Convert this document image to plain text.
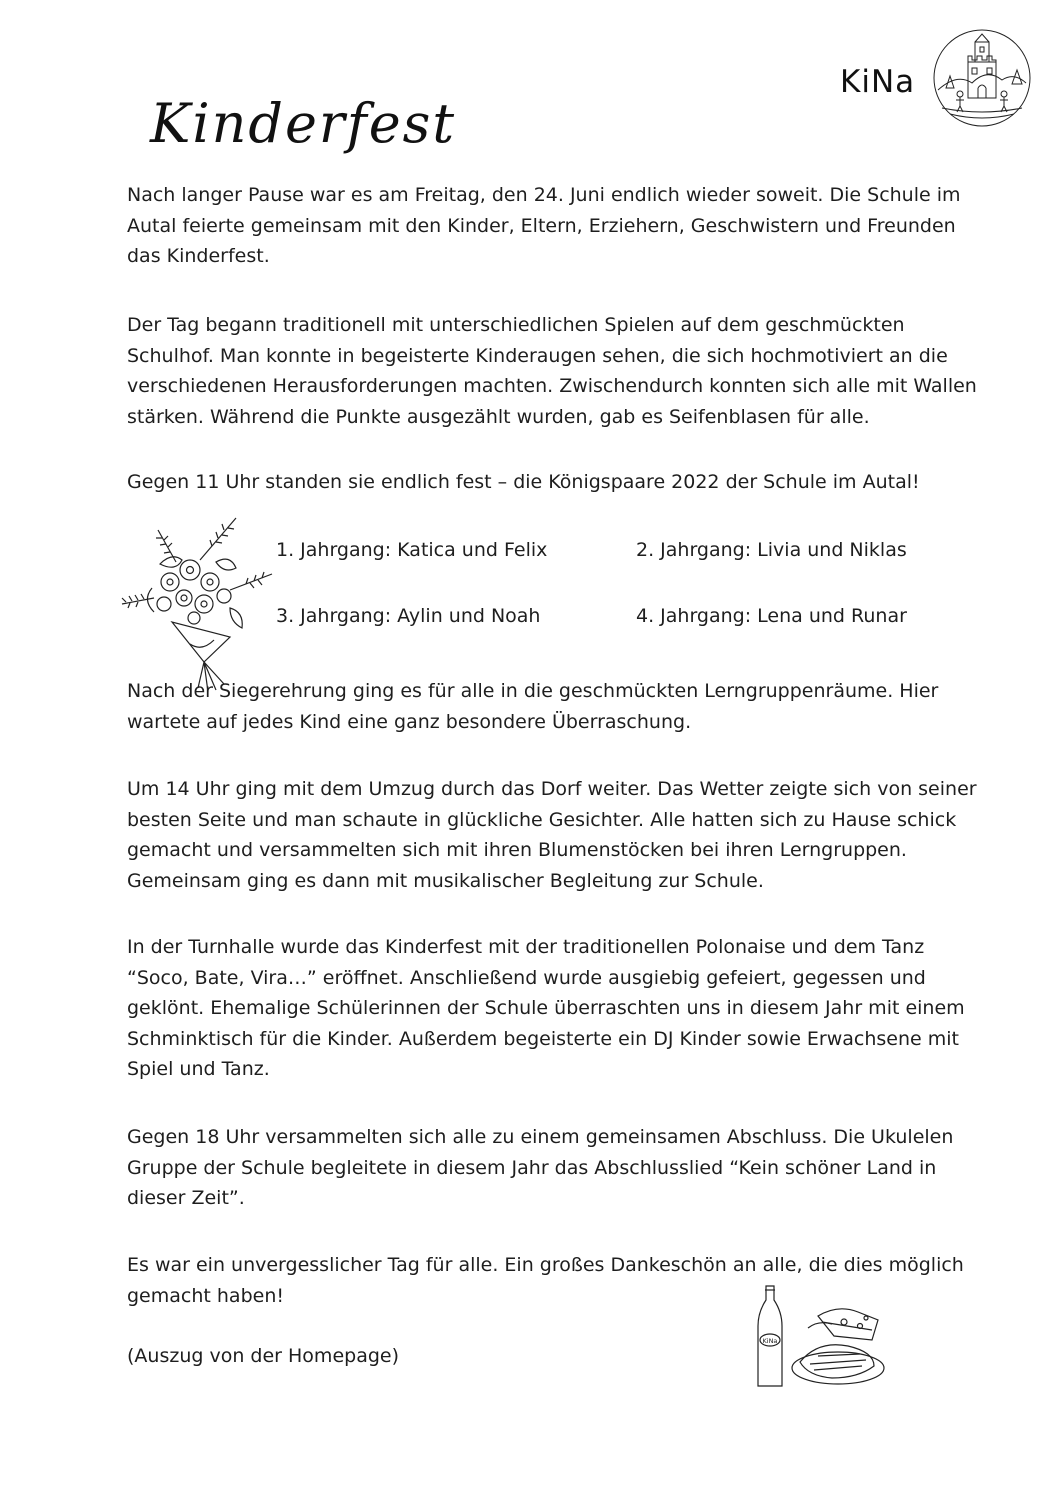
Kinderfest
KiNa

Nach langer Pause war es am Freitag, den 24. Juni endlich wieder soweit. Die Schule im Autal feierte gemeinsam mit den Kinder, Eltern, Erziehern, Geschwistern und Freunden das Kinderfest.

Der Tag begann traditionell mit unterschiedlichen Spielen auf dem geschmückten Schulhof. Man konnte in begeisterte Kinderaugen sehen, die sich hochmotiviert an die verschiedenen Herausforderungen machten. Zwischendurch konnten sich alle mit Wallen stärken. Während die Punkte ausgezählt wurden, gab es Seifenblasen für alle.

Gegen 11 Uhr standen sie endlich fest – die Königspaare 2022 der Schule im Autal!

1. Jahrgang: Katica und Felix	2. Jahrgang: Livia und Niklas
3. Jahrgang: Aylin und Noah	4. Jahrgang: Lena und Runar

Nach der Siegerehrung ging es für alle in die geschmückten Lerngruppenräume. Hier wartete auf jedes Kind eine ganz besondere Überraschung.

Um 14 Uhr ging mit dem Umzug durch das Dorf weiter. Das Wetter zeigte sich von seiner besten Seite und man schaute in glückliche Gesichter. Alle hatten sich zu Hause schick gemacht und versammelten sich mit ihren Blumenstöcken bei ihren Lerngruppen. Gemeinsam ging es dann mit musikalischer Begleitung zur Schule.

In der Turnhalle wurde das Kinderfest mit der traditionellen Polonaise und dem Tanz “Soco, Bate, Vira…” eröffnet. Anschließend wurde ausgiebig gefeiert, gegessen und geklönt. Ehemalige Schülerinnen der Schule überraschten uns in diesem Jahr mit einem Schminktisch für die Kinder. Außerdem begeisterte ein DJ Kinder sowie Erwachsene mit Spiel und Tanz.

Gegen 18 Uhr versammelten sich alle zu einem gemeinsamen Abschluss. Die Ukulelen Gruppe der Schule begleitete in diesem Jahr das Abschlusslied “Kein schöner Land in dieser Zeit”.

Es war ein unvergesslicher Tag für alle. Ein großes Dankeschön an alle, die dies möglich gemacht haben!

(Auszug von der Homepage)

KiNa
